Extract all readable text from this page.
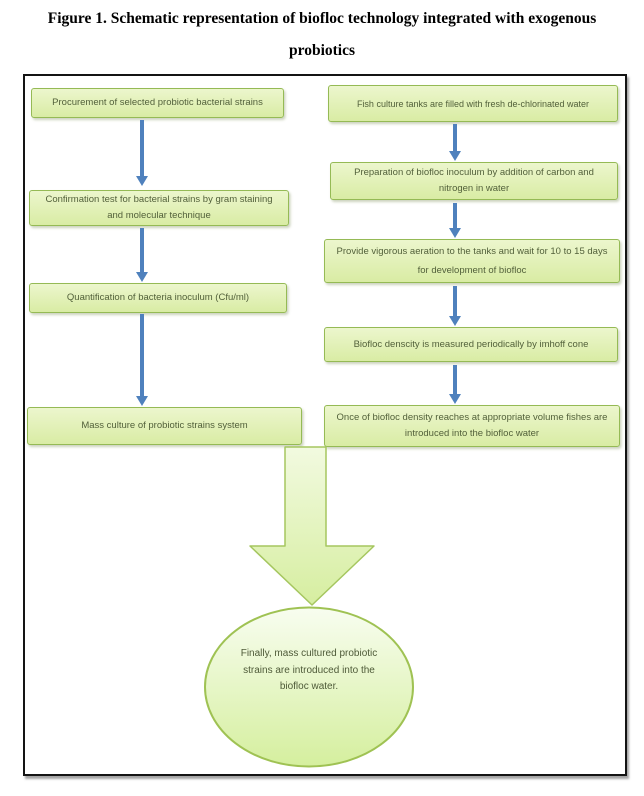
Figure 1. Schematic representation of biofloc technology integrated with exogenous
probiotics
Procurement of selected probiotic bacterial strains
Confirmation test for bacterial strains by gram staining and molecular technique
Quantification of bacteria inoculum (Cfu/ml)
Mass culture of probiotic strains system
Fish culture tanks are filled with fresh de-chlorinated water
Preparation of biofloc inoculum by addition of carbon and nitrogen in water
Provide vigorous aeration to the tanks and wait for 10 to 15 days for development of biofloc
Biofloc denscity is measured periodically by imhoff cone
Once of biofloc density reaches at appropriate volume fishes are introduced into the biofloc water
Finally, mass cultured probiotic strains are introduced into the biofloc water.
